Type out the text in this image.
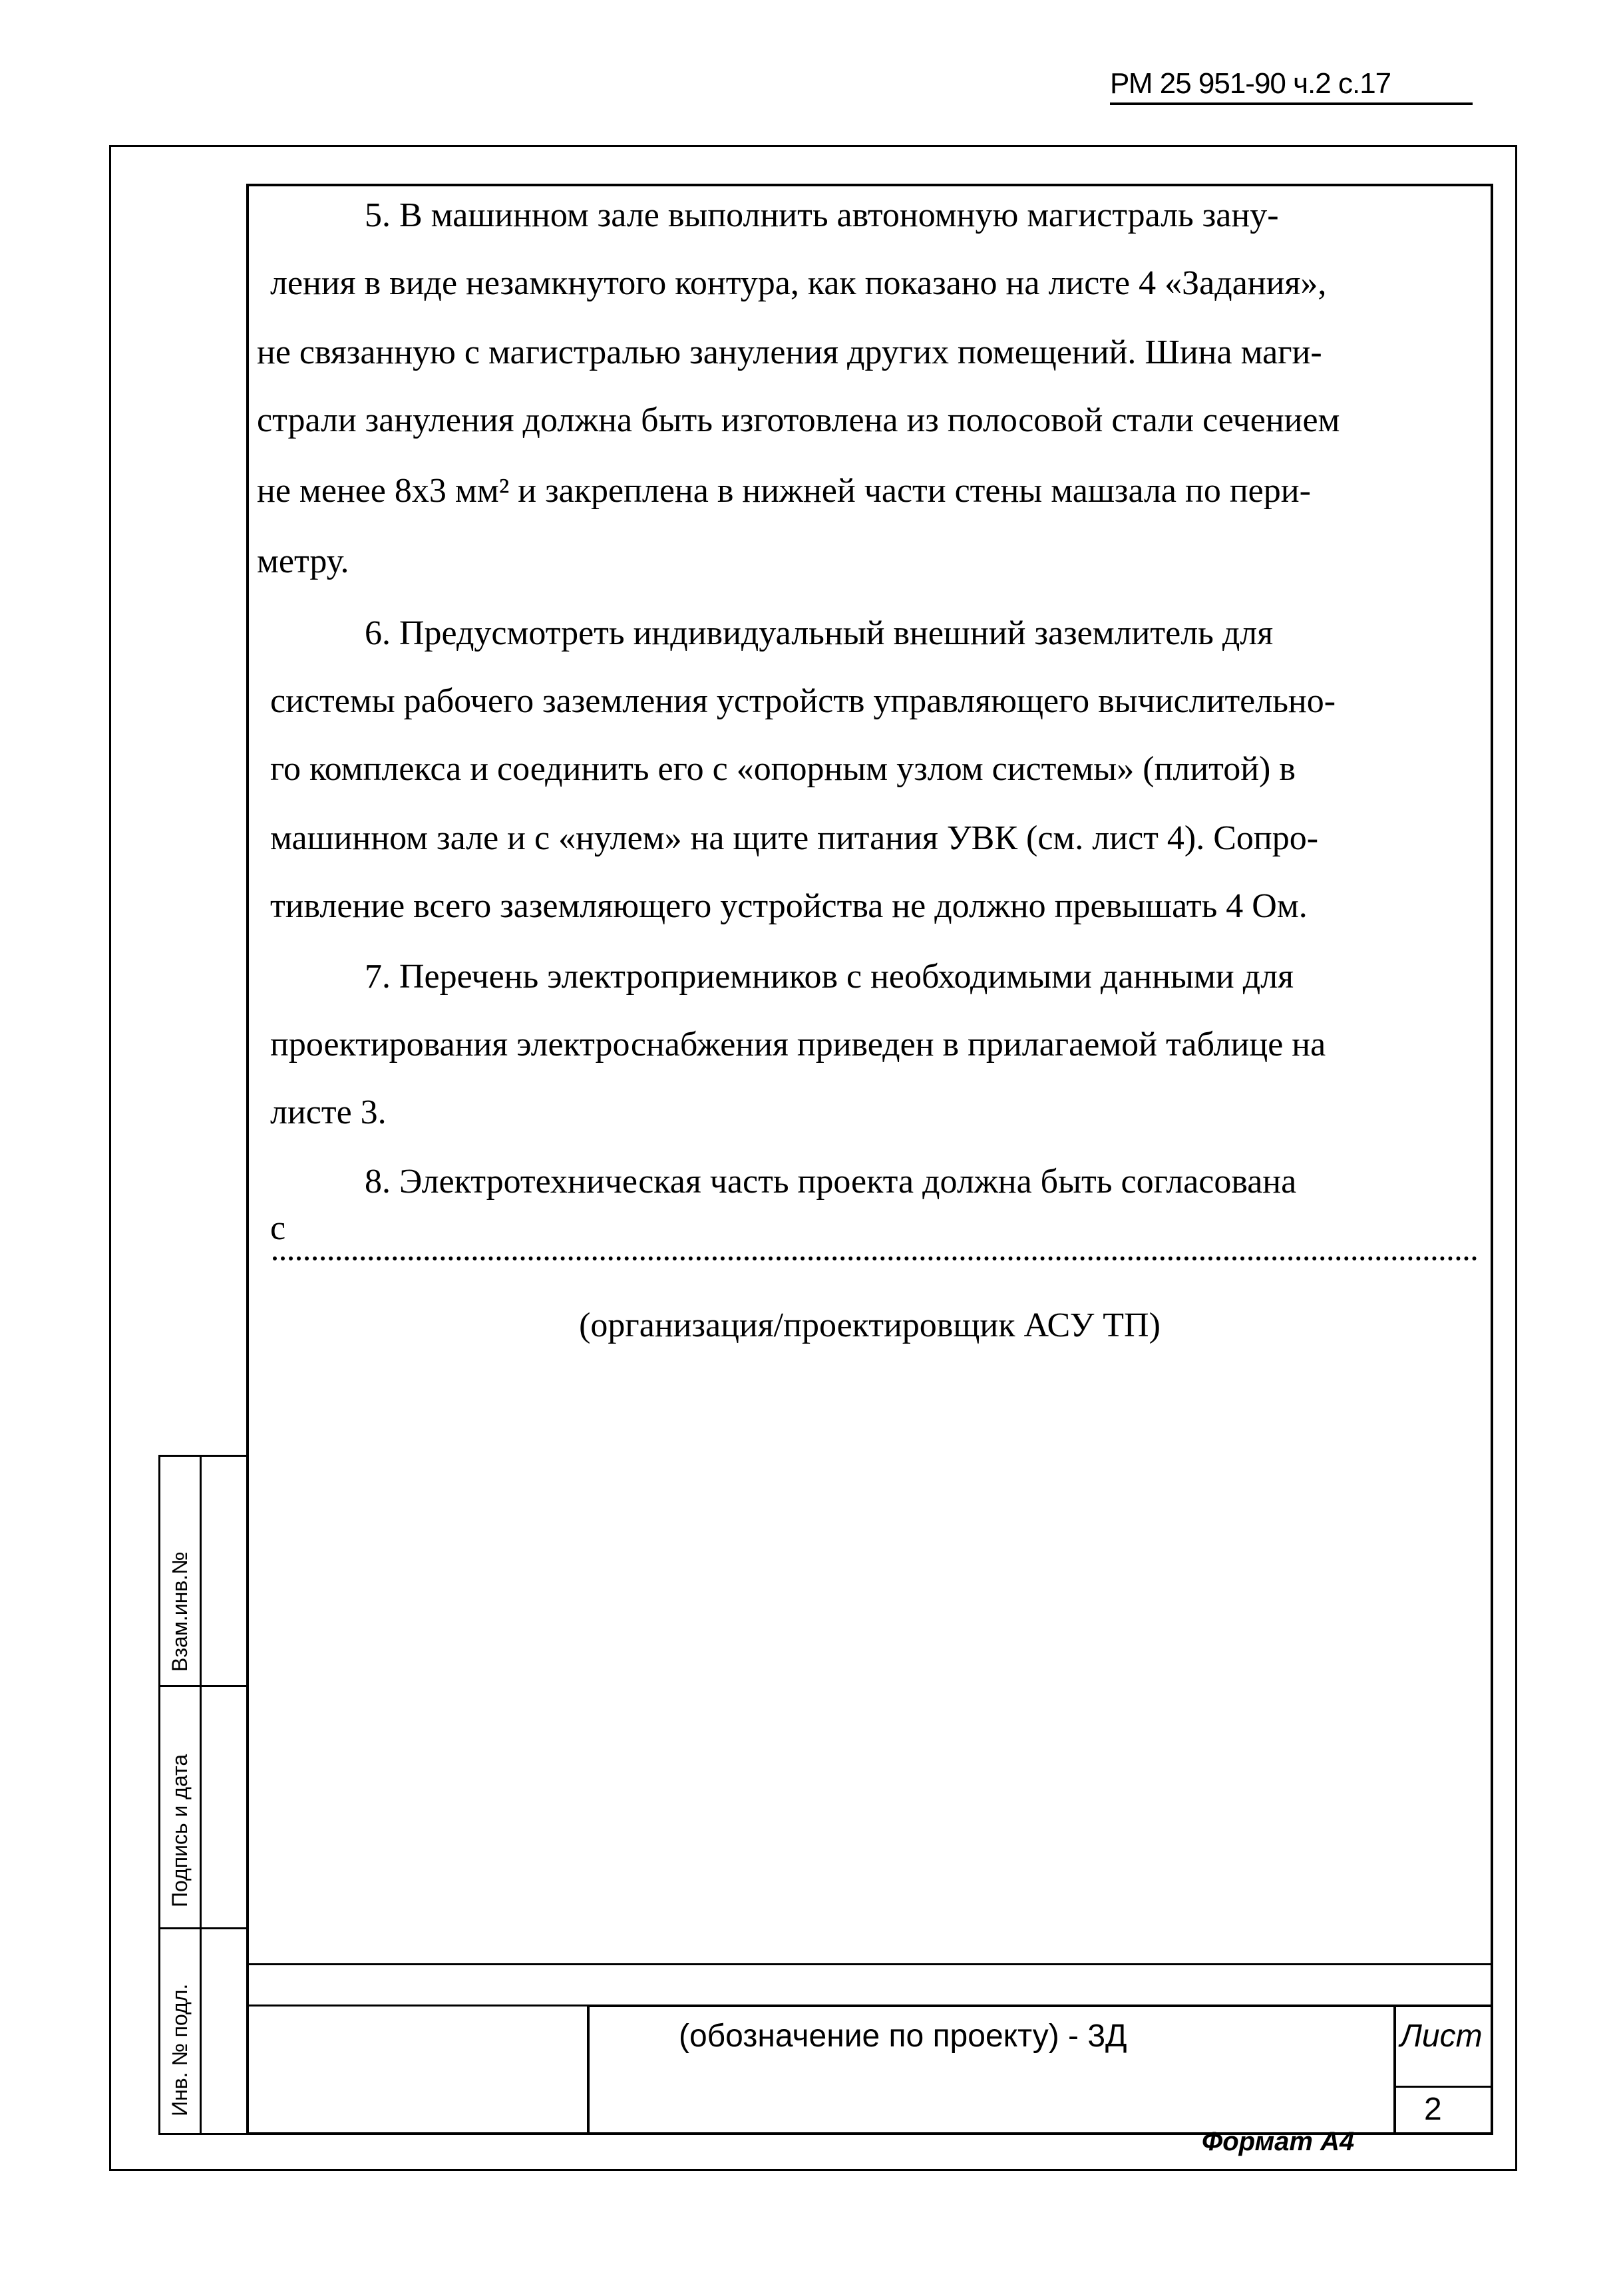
РМ 25 951-90 ч.2 с.17
5. В машинном зале выполнить автономную магистраль зану-
ления в виде незамкнутого контура, как показано на листе 4 «Задания»,
не связанную с магистралью зануления других помещений. Шина маги-
страли зануления должна быть изготовлена из полосовой стали сечением
не менее 8х3 мм² и закреплена в нижней части стены машзала по пери-
метру.
6. Предусмотреть индивидуальный внешний заземлитель для
системы рабочего заземления устройств управляющего вычислительно-
го комплекса и соединить его с «опорным узлом системы» (плитой) в
машинном зале и с «нулем» на щите питания УВК (см. лист 4). Сопро-
тивление всего заземляющего устройства не должно превышать 4 Ом.
7. Перечень электроприемников с необходимыми данными для
проектирования электроснабжения приведен в прилагаемой таблице на
листе 3.
8. Электротехническая часть проекта должна быть согласована
с
(организация/проектировщик АСУ ТП)
Взам.инв.№
Подпись и дата
Инв. № подл.	(обозначение по проекту) - 3Д	Лист
2
Формат А4
